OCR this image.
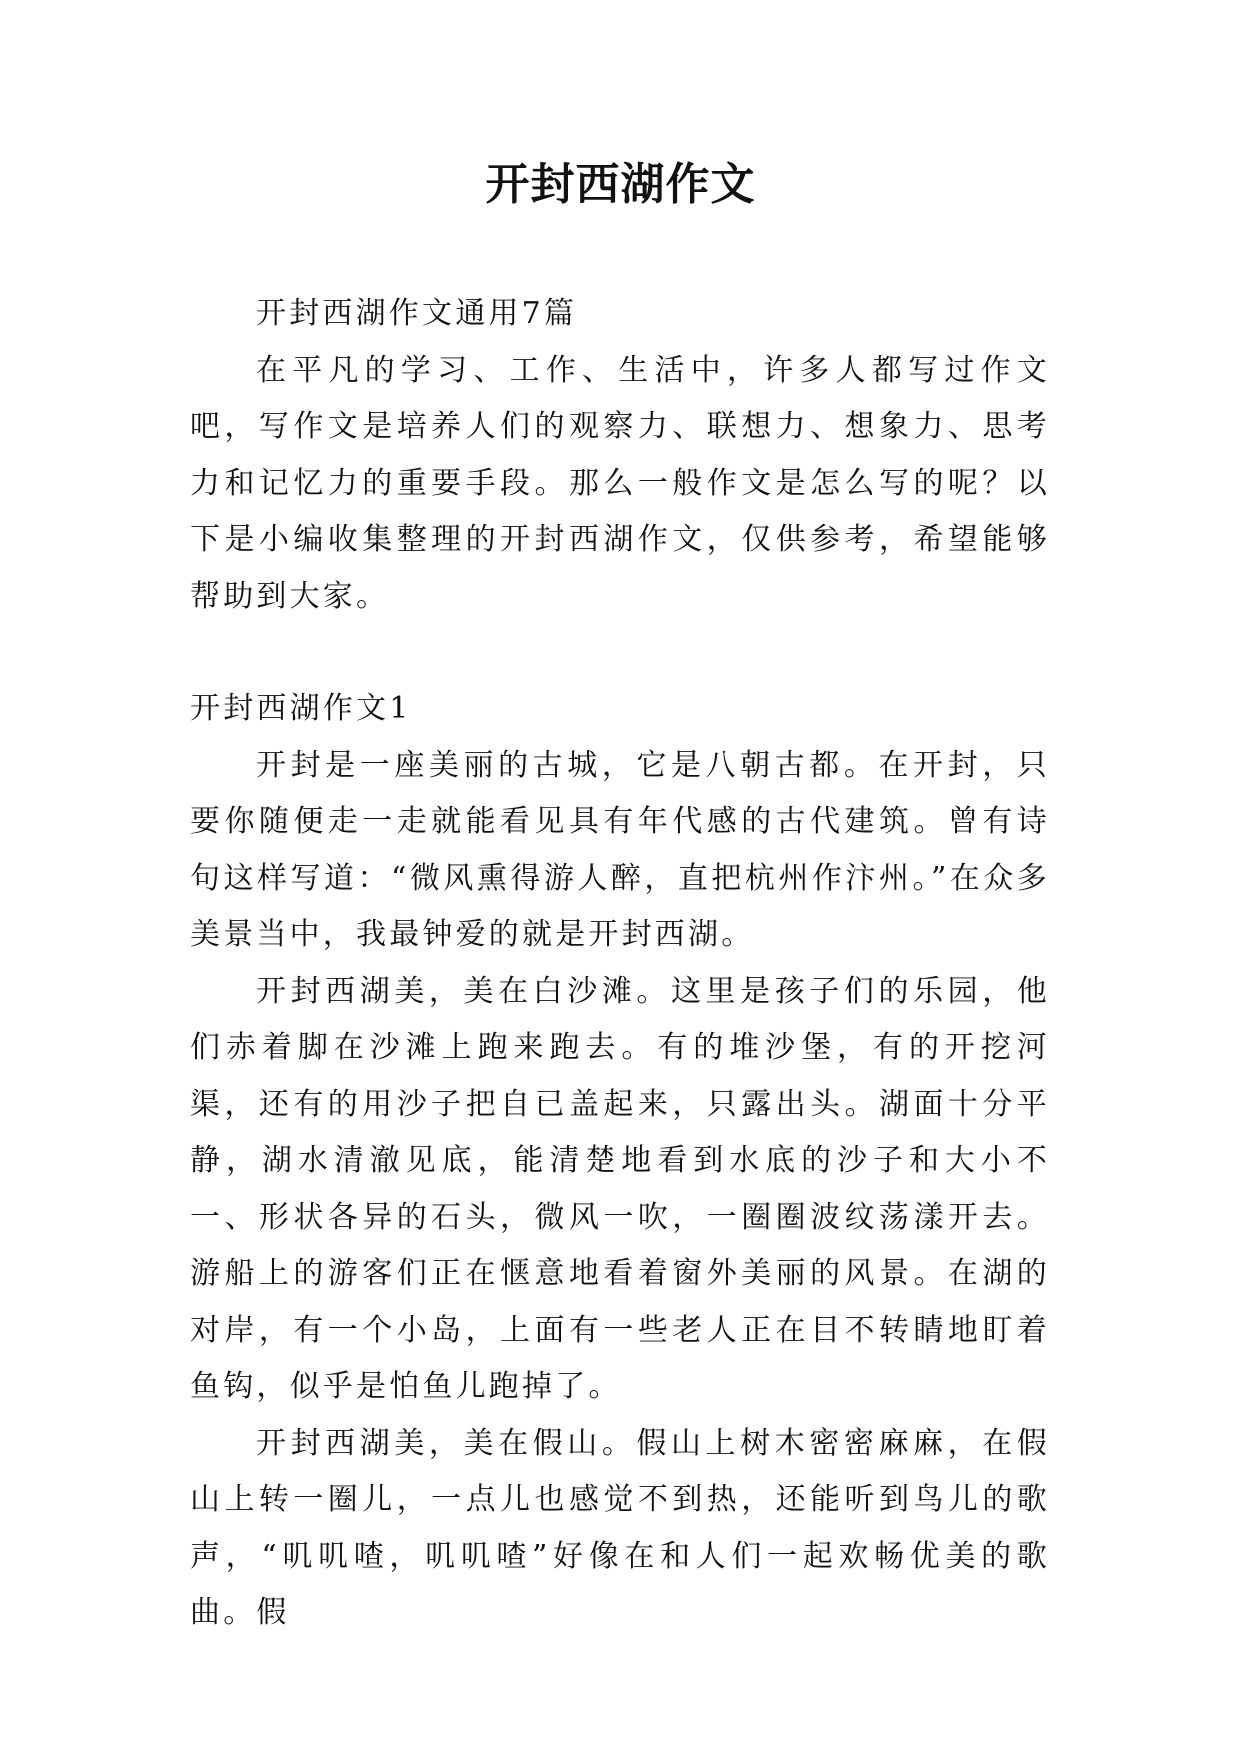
开封西湖作文

开封西湖作文通用7篇

在平凡的学习、工作、生活中，许多人都写过作文吧，写作文是培养人们的观察力、联想力、想象力、思考力和记忆力的重要手段。那么一般作文是怎么写的呢？以下是小编收集整理的开封西湖作文，仅供参考，希望能够帮助到大家。

开封西湖作文1

开封是一座美丽的古城，它是八朝古都。在开封，只要你随便走一走就能看见具有年代感的古代建筑。曾有诗句这样写道：“微风熏得游人醉，直把杭州作汴州。”在众多美景当中，我最钟爱的就是开封西湖。

开封西湖美，美在白沙滩。这里是孩子们的乐园，他们赤着脚在沙滩上跑来跑去。有的堆沙堡，有的开挖河渠，还有的用沙子把自已盖起来，只露出头。湖面十分平静，湖水清澈见底，能清楚地看到水底的沙子和大小不一、形状各异的石头，微风一吹，一圈圈波纹荡漾开去。游船上的游客们正在惬意地看着窗外美丽的风景。在湖的对岸，有一个小岛，上面有一些老人正在目不转睛地盯着鱼钩，似乎是怕鱼儿跑掉了。

开封西湖美，美在假山。假山上树木密密麻麻，在假山上转一圈儿，一点儿也感觉不到热，还能听到鸟儿的歌声，“叽叽喳，叽叽喳”好像在和人们一起欢畅优美的歌曲。假
